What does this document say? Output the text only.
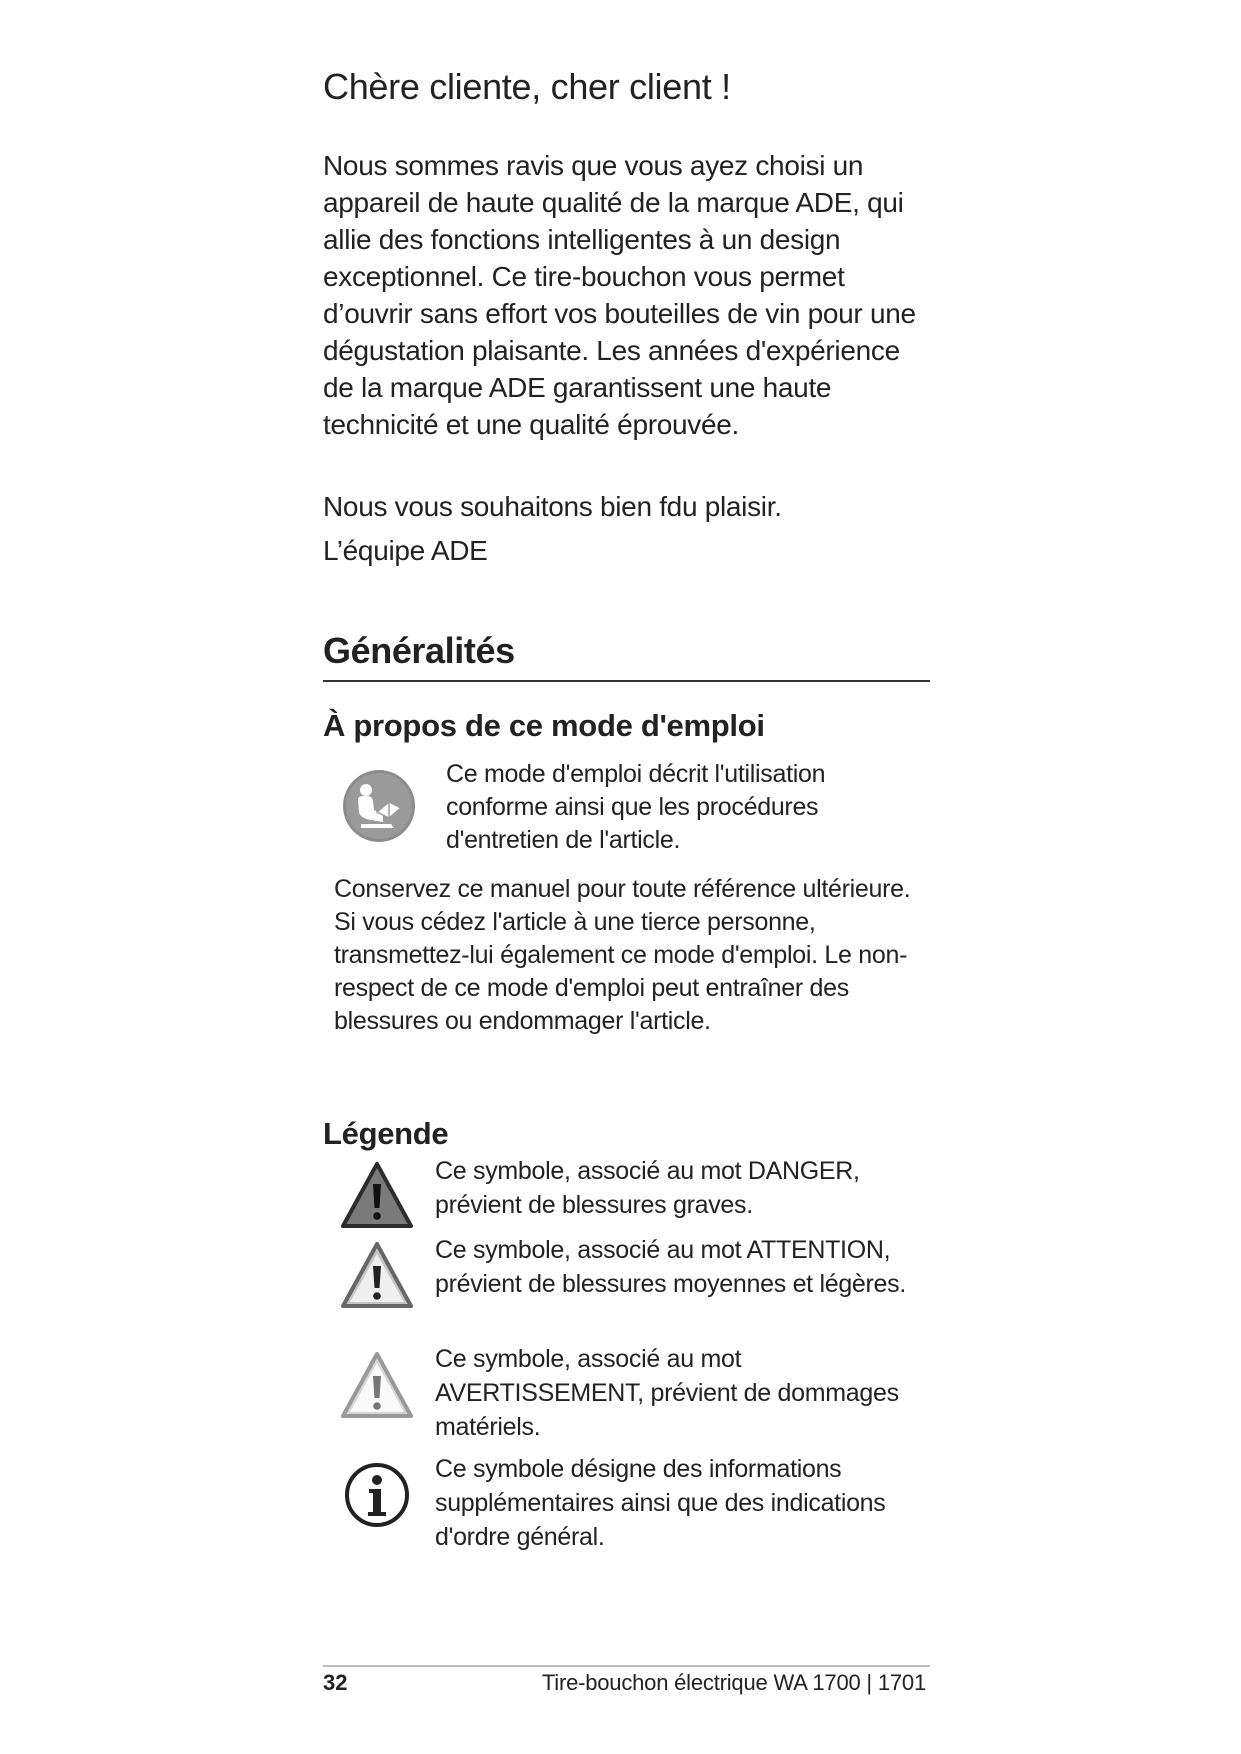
Chère cliente, cher client !

Nous sommes ravis que vous ayez choisi un appareil de haute qualité de la marque ADE, qui allie des fonctions intelligentes à un design exceptionnel. Ce tire-bouchon vous permet d’ouvrir sans effort vos bouteilles de vin pour une dégustation plaisante. Les années d'expérience de la marque ADE garantissent une haute technicité et une qualité éprouvée.

Nous vous souhaitons bien fdu plaisir.

L’équipe ADE

Généralités
À propos de ce mode d'emploi

Ce mode d'emploi décrit l'utilisation conforme ainsi que les procédures d'entretien de l'article.

Conservez ce manuel pour toute référence ultérieure. Si vous cédez l'article à une tierce personne, transmettez-lui également ce mode d'emploi. Le non-respect de ce mode d'emploi peut entraîner des blessures ou endommager l'article.

Légende

Ce symbole, associé au mot DANGER, prévient de blessures graves.

Ce symbole, associé au mot ATTENTION, prévient de blessures moyennes et légères.

Ce symbole, associé au mot AVERTISSEMENT, prévient de dommages matériels.

Ce symbole désigne des informations supplémentaires ainsi que des indications d'ordre général.

32	Tire-bouchon électrique WA 1700 | 1701
